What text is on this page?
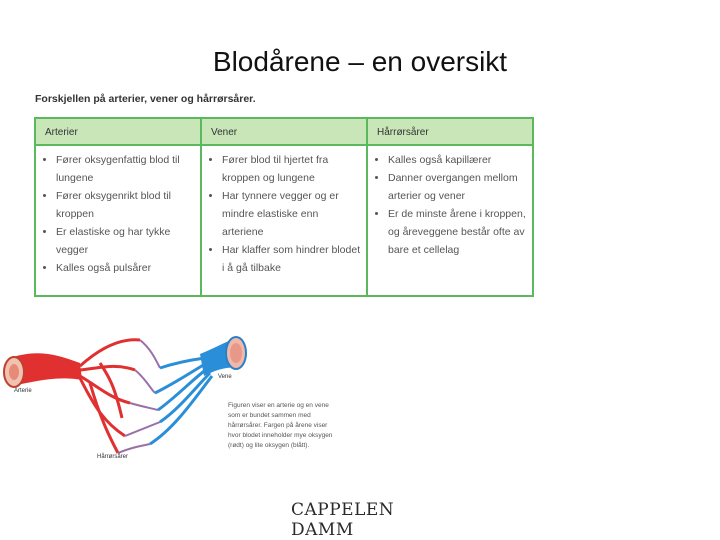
Blodårene – en oversikt
Forskjellen på arterier, vener og hårrørsårer.
Arterier
• Fører oksygenfattig blod til lungene
• Fører oksygenrikt blod til kroppen
• Er elastiske og har tykke vegger
• Kalles også pulsårer
Vener
• Fører blod til hjertet fra kroppen og lungene
• Har tynnere vegger og er mindre elastiske enn arteriene
• Har klaffer som hindrer blodet i å gå tilbake
Hårrørsårer
• Kalles også kapillærer
• Danner overgangen mellom arterier og vener
• Er de minste årene i kroppen, og åreveggene består ofte av bare et cellelag
Arterie
Vene
Hårrørsårer
Figuren viser en arterie og en vene som er bundet sammen med hårrørsårer. Fargen på årene viser hvor blodet inneholder mye oksygen (rødt) og lite oksygen (blått).
CAPPELEN DAMM
